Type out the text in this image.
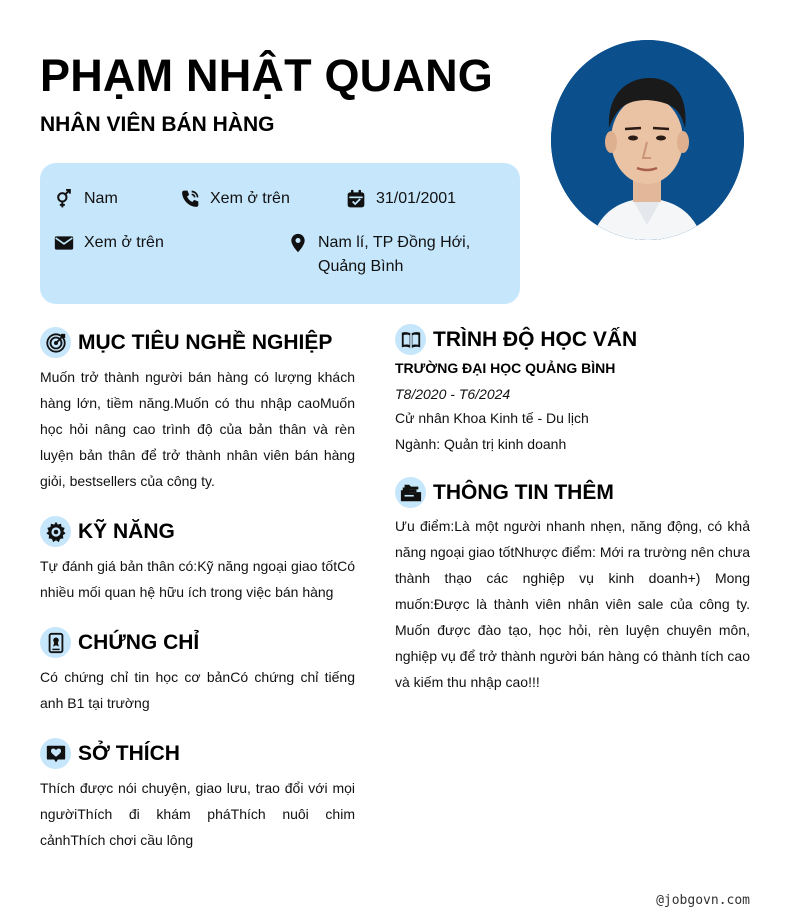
PHẠM NHẬT QUANG
NHÂN VIÊN BÁN HÀNG
Nam	Xem ở trên	31/01/2001
Xem ở trên	Nam lí, TP Đồng Hới,
Quảng Bình
MỤC TIÊU NGHỀ NGHIỆP
Muốn trở thành người bán hàng có lượng khách
hàng lớn, tiềm năng.Muốn có thu nhập caoMuốn
học hỏi nâng cao trình độ của bản thân và rèn
luyện bản thân để trở thành nhân viên bán hàng
giỏi, bestsellers của công ty.
KỸ NĂNG
Tự đánh giá bản thân có:Kỹ năng ngoại giao tốtCó
nhiều mối quan hệ hữu ích trong việc bán hàng
CHỨNG CHỈ
Có chứng chỉ tin học cơ bảnCó chứng chỉ tiếng
anh B1 tại trường
SỞ THÍCH
Thích được nói chuyện, giao lưu, trao đổi với mọi
ngườiThích đi khám pháThích nuôi chim
cảnhThích chơi cầu lông
TRÌNH ĐỘ HỌC VẤN
TRƯỜNG ĐẠI HỌC QUẢNG BÌNH
T8/2020 - T6/2024
Cử nhân Khoa Kinh tế - Du lịch
Ngành: Quản trị kinh doanh
THÔNG TIN THÊM
Ưu điểm:Là một người nhanh nhẹn, năng động, có khả
năng ngoại giao tốtNhược điểm: Mới ra trường nên chưa
thành thạo các nghiệp vụ kinh doanh+) Mong
muốn:Được là thành viên nhân viên sale của công ty.
Muốn được đào tạo, học hỏi, rèn luyện chuyên môn,
nghiệp vụ để trở thành người bán hàng có thành tích cao
và kiếm thu nhập cao!!!
@jobgovn.com
